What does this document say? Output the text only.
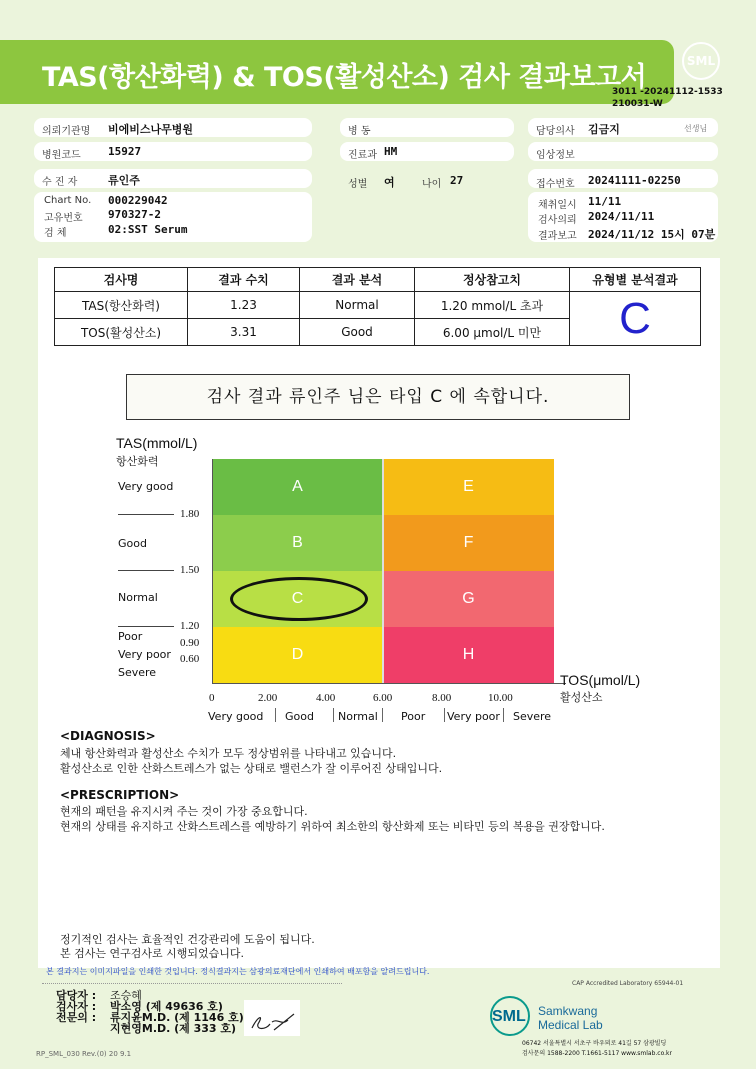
TAS(항산화력) & TOS(활성산소) 검사 결과보고서
SML
3011 -20241112-1533
210031-W
의뢰기관명 비에비스나무병원
병원코드 15927
수 진 자	류인주
Chart No. 000229042
고유번호 970327-2
검 체	02:SST Serum
병 동
진료과 HM
성별 여	나이 27
담당의사 김금지	선생님
임상정보
접수번호 20241111-02250
채취일시 11/11
검사의뢰 2024/11/11
결과보고 2024/11/12 15시 07분
검사명	결과 수치	결과 분석	정상참고치	유형별 분석결과
TAS(항산화력)	1.23	Normal	1.20 mmol/L 초과	C
TOS(활성산소)	3.31	Good	6.00 μmol/L 미만	
검사 결과 류인주 님은 타입 C 에 속합니다.
TAS(mmol/L)
항산화력
A
B
C
D
E
F
G
H
Very good
Good
Normal
Poor
Very poor
Severe
1.80
1.50
1.20
0.90
0.60
0	2.00	4.00	6.00	8.00	10.00
Very good Good Normal Poor Very poor Severe
TOS(μmol/L)
활성산소
<DIAGNOSIS>
체내 항산화력과 활성산소 수치가 모두 정상범위를 나타내고 있습니다.
활성산소로 인한 산화스트레스가 없는 상태로 밸런스가 잘 이루어진 상태입니다.
<PRESCRIPTION>
현재의 패턴을 유지시켜 주는 것이 가장 중요합니다.
현재의 상태를 유지하고 산화스트레스를 예방하기 위하여 최소한의 항산화제 또는 비타민 등의 복용을 권장합니다.
정기적인 검사는 효율적인 건강관리에 도움이 됩니다.
본 검사는 연구검사로 시행되었습니다.
본 결과지는 이미지파일을 인쇄한 것입니다. 정식결과지는 삼광의료재단에서 인쇄하여 배포함을 알려드립니다.
CAP Accredited Laboratory 65944-01
담당자 : 조승혜
검사자 : 박소영 (제 49636 호)
전문의 : 류지윤M.D. (제 1146 호)
지현영M.D. (제 333 호)
SML Samkwang
Medical Lab
06742 서울특별시 서초구 바우뫼로 41길 57 삼광빌딩
검사문의 1588-2200 T.1661-5117 www.smlab.co.kr
RP_SML_030 Rev.(0) 20 9.1
